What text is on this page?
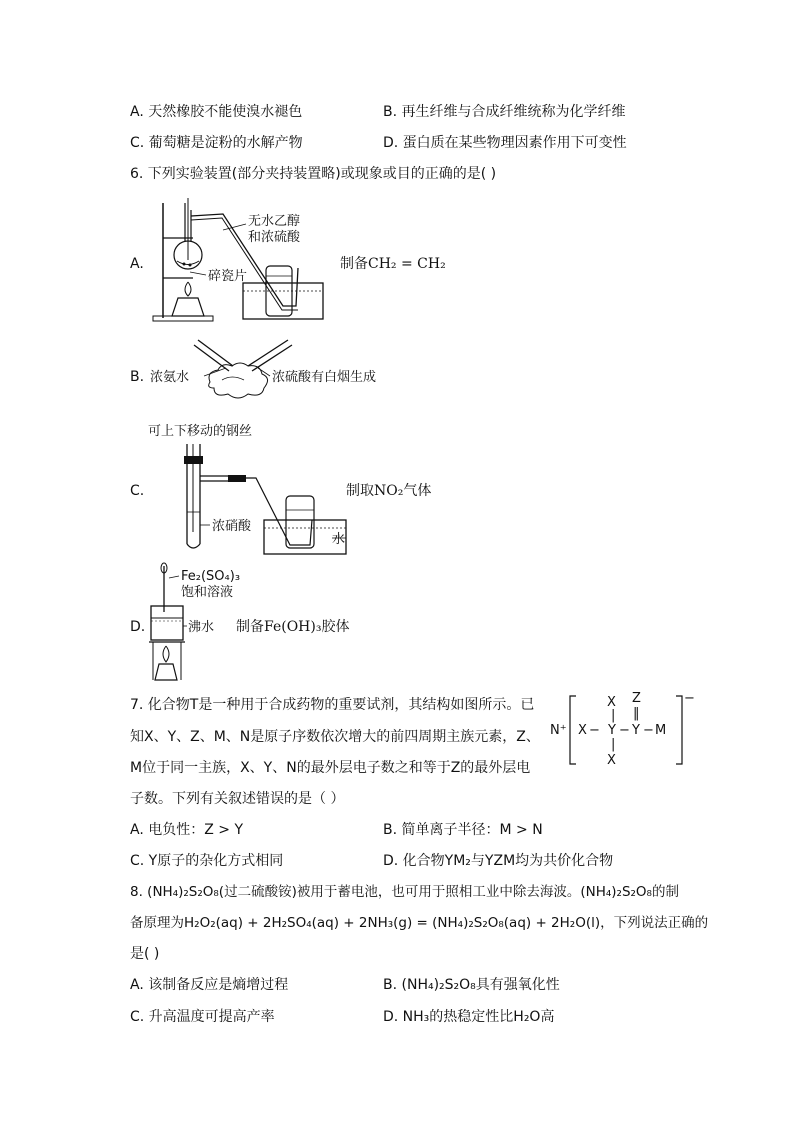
A. 天然橡胶不能使溴水褪色	B. 再生纤维与合成纤维统称为化学纤维
C. 葡萄糖是淀粉的水解产物	D. 蛋白质在某些物理因素作用下可变性
6. 下列实验装置(部分夹持装置略)或现象或目的正确的是( )
A.
碎瓷片
无水乙醇
和浓硫酸
制备CH₂ = CH₂
B. 浓氨水	浓硫酸有白烟生成
可上下移动的钢丝
浓硝酸
水
C.	制取NO₂气体
Fe₂(SO₄)₃
饱和溶液
沸水
D.	制备Fe(OH)₃胶体
7. 化合物T是一种用于合成药物的重要试剂，其结构如图所示。已
知X、Y、Z、M、N是原子序数依次增大的前四周期主族元素，Z、
M位于同一主族，X、Y、N的最外层电子数之和等于Z的最外层电
子数。下列有关叙述错误的是（ ）
N⁺
−
X Z
| ‖
X − Y − Y − M
|
X
A. 电负性：Z > Y	B. 简单离子半径：M > N
C. Y原子的杂化方式相同	D. 化合物YM₂与YZM均为共价化合物
8. (NH₄)₂S₂O₈(过二硫酸铵)被用于蓄电池，也可用于照相工业中除去海波。(NH₄)₂S₂O₈的制
备原理为H₂O₂(aq) + 2H₂SO₄(aq) + 2NH₃(g) = (NH₄)₂S₂O₈(aq) + 2H₂O(l)，下列说法正确的
是( )
A. 该制备反应是熵增过程	B. (NH₄)₂S₂O₈具有强氧化性
C. 升高温度可提高产率	D. NH₃的热稳定性比H₂O高
